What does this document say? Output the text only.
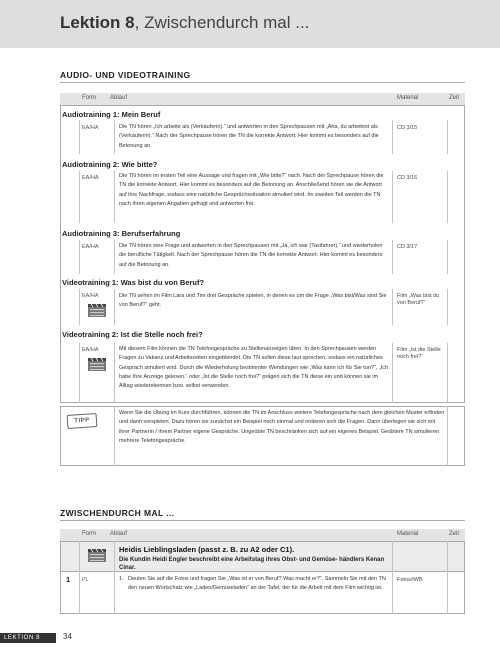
Lektion 8, Zwischendurch mal ...
AUDIO- UND VIDEOTRAINING
Form Ablauf	Material	Zeit
Audiotraining 1: Mein Beruf
EA/HA	Die TN hören „Ich arbeite als (Verkäuferin).“ und antworten in den Sprechpausen mit „Aha, du arbeitest als (Verkäuferin).“ Nach der Sprechpause hören die TN die korrekte Antwort. Hier kommt es besonders auf die Betonung an.
CD 3/15
Audiotraining 2: Wie bitte?
EA/HA	Die TN hören im ersten Teil eine Aussage und fragen mit „Wie bitte?“ nach. Nach der Sprechpause hören die TN die korrekte Antwort. Hier kommt es besonders auf die Betonung an. Anschließend hören sie die Antwort auf ihre Nachfrage, sodass eine natürliche Gesprächssituation simuliert wird. Im zweiten Teil werden die TN nach ihren eigenen Angaben gefragt und antworten frei.
CD 3/16
Audiotraining 3: Berufserfahrung
EA/HA	Die TN hören eine Frage und antworten in den Sprechpausen mit „Ja, ich war (Taxifahrer).“ und wiederholen die berufliche Tätigkeit. Nach der Sprechpause hören die TN die korrekte Antwort. Hier kommt es besonders auf die Betonung an.
CD 3/17
Videotraining 1: Was bist du von Beruf?
EA/HA	Die TN sehen im Film Lara und Tim drei Gespräche spielen, in denen es um die Frage „Was bist/Was sind Sie von Beruf?“ geht.
Film „Was bist du von Beruf?“
Videotraining 2: Ist die Stelle noch frei?
EA/HA	Mit diesem Film können die TN Telefongespräche zu Stellenanzeigen üben. In den Sprechpausen werden Fragen zu Vakanz und Arbeitszeiten eingeblendet. Die TN sollen diese laut sprechen, sodass ein natürliches Gespräch simuliert wird. Durch die Wiederholung bestimmter Wendungen wie „Was kann ich für Sie tun?“, „Ich habe Ihre Anzeige gelesen.“ oder „Ist die Stelle noch frei?“ prägen sich die TN diese ein und können sie im Alltag wiederekennen bzw. selbst verwenden.
Film „Ist die Stelle noch frei?“
TIPP
Wenn Sie die Übung im Kurs durchführen, können die TN im Anschluss weitere Telefongespräche nach dem gleichen Muster erfinden und dann vorspielen. Dazu hören sie zunächst ein Beispiel noch einmal und notieren sich die Fragen. Dann überlegen sie sich mit ihrer Partnerin / ihrem Partner eigene Gespräche. Ungeübte TN beschränken sich auf ein eigenes Beispiel. Geübtere TN simulieren mehrere Telefongespräche.
ZWISCHENDURCH MAL ...
Form Ablauf	Material	Zeit
Heidis Lieblingsladen (passt z. B. zu A2 oder C1).
Die Kundin Heidi Engler beschreibt eine Arbeitstag ihres Obst- und Gemüse- händlers Kenan Cinar.
1 PL	1. Deuten Sie auf die Fotos und fragen Sie „Was ist er von Beruf? Was macht er?“. Sammeln Sie mit den TN den neuen Wortschatz wie „Laden/Gemüseladen“ an der Tafel, der für die Arbeit mit dem Film wichtig ist.
Fotos/IWB
LEKTION 8	34
